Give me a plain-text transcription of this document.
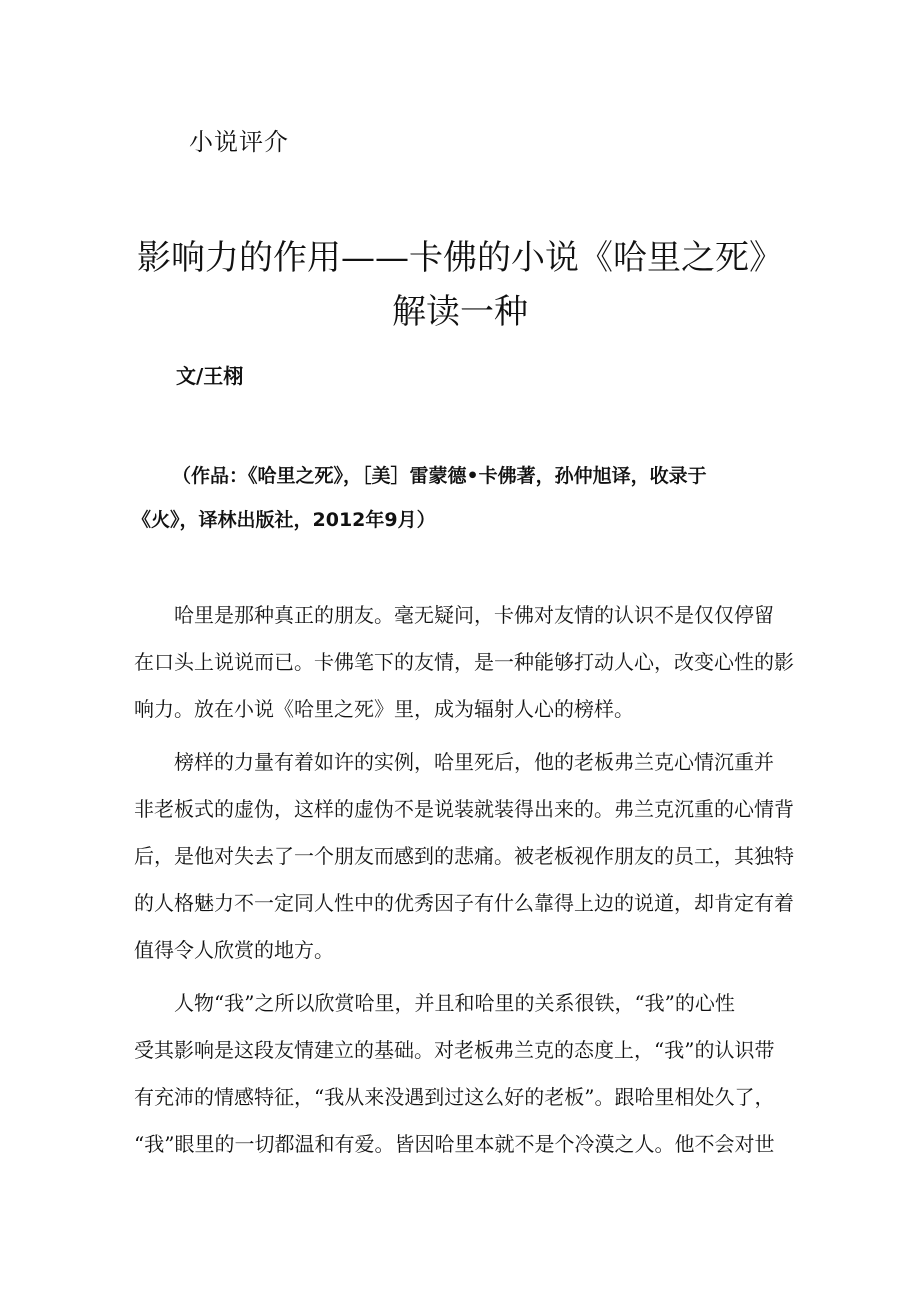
小说评介
影响力的作用——卡佛的小说《哈里之死》
解读一种
文/王栩
（作品：《哈里之死》，［美］雷蒙德•卡佛著，孙仲旭译，收录于
《火》，译林出版社，2012年9月）

哈里是那种真正的朋友。毫无疑问，卡佛对友情的认识不是仅仅停留
在口头上说说而已。卡佛笔下的友情，是一种能够打动人心，改变心性的影
响力。放在小说《哈里之死》里，成为辐射人心的榜样。

榜样的力量有着如许的实例，哈里死后，他的老板弗兰克心情沉重并
非老板式的虚伪，这样的虚伪不是说装就装得出来的。弗兰克沉重的心情背
后，是他对失去了一个朋友而感到的悲痛。被老板视作朋友的员工，其独特
的人格魅力不一定同人性中的优秀因子有什么靠得上边的说道，却肯定有着
值得令人欣赏的地方。

人物“我”之所以欣赏哈里，并且和哈里的关系很铁，“我”的心性
受其影响是这段友情建立的基础。对老板弗兰克的态度上，“我”的认识带
有充沛的情感特征，“我从来没遇到过这么好的老板”。跟哈里相处久了，
“我”眼里的一切都温和有爱。皆因哈里本就不是个冷漠之人。他不会对世
